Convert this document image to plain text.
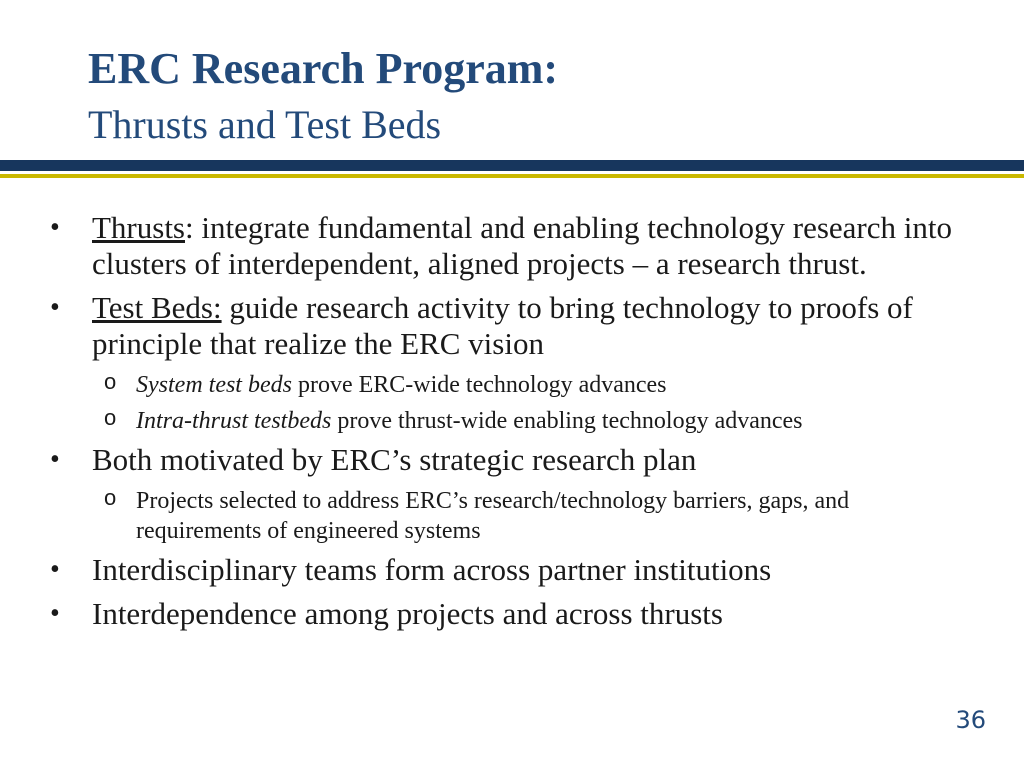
ERC Research Program:
Thrusts and Test Beds
• Thrusts: integrate fundamental and enabling technology research into clusters of interdependent, aligned projects – a research thrust.
• Test Beds: guide research activity to bring technology to proofs of principle that realize the ERC vision
o System test beds prove ERC-wide technology advances
o Intra-thrust testbeds prove thrust-wide enabling technology advances
• Both motivated by ERC’s strategic research plan
o Projects selected to address ERC’s research/technology barriers, gaps, and requirements of engineered systems
• Interdisciplinary teams form across partner institutions
• Interdependence among projects and across thrusts
36
